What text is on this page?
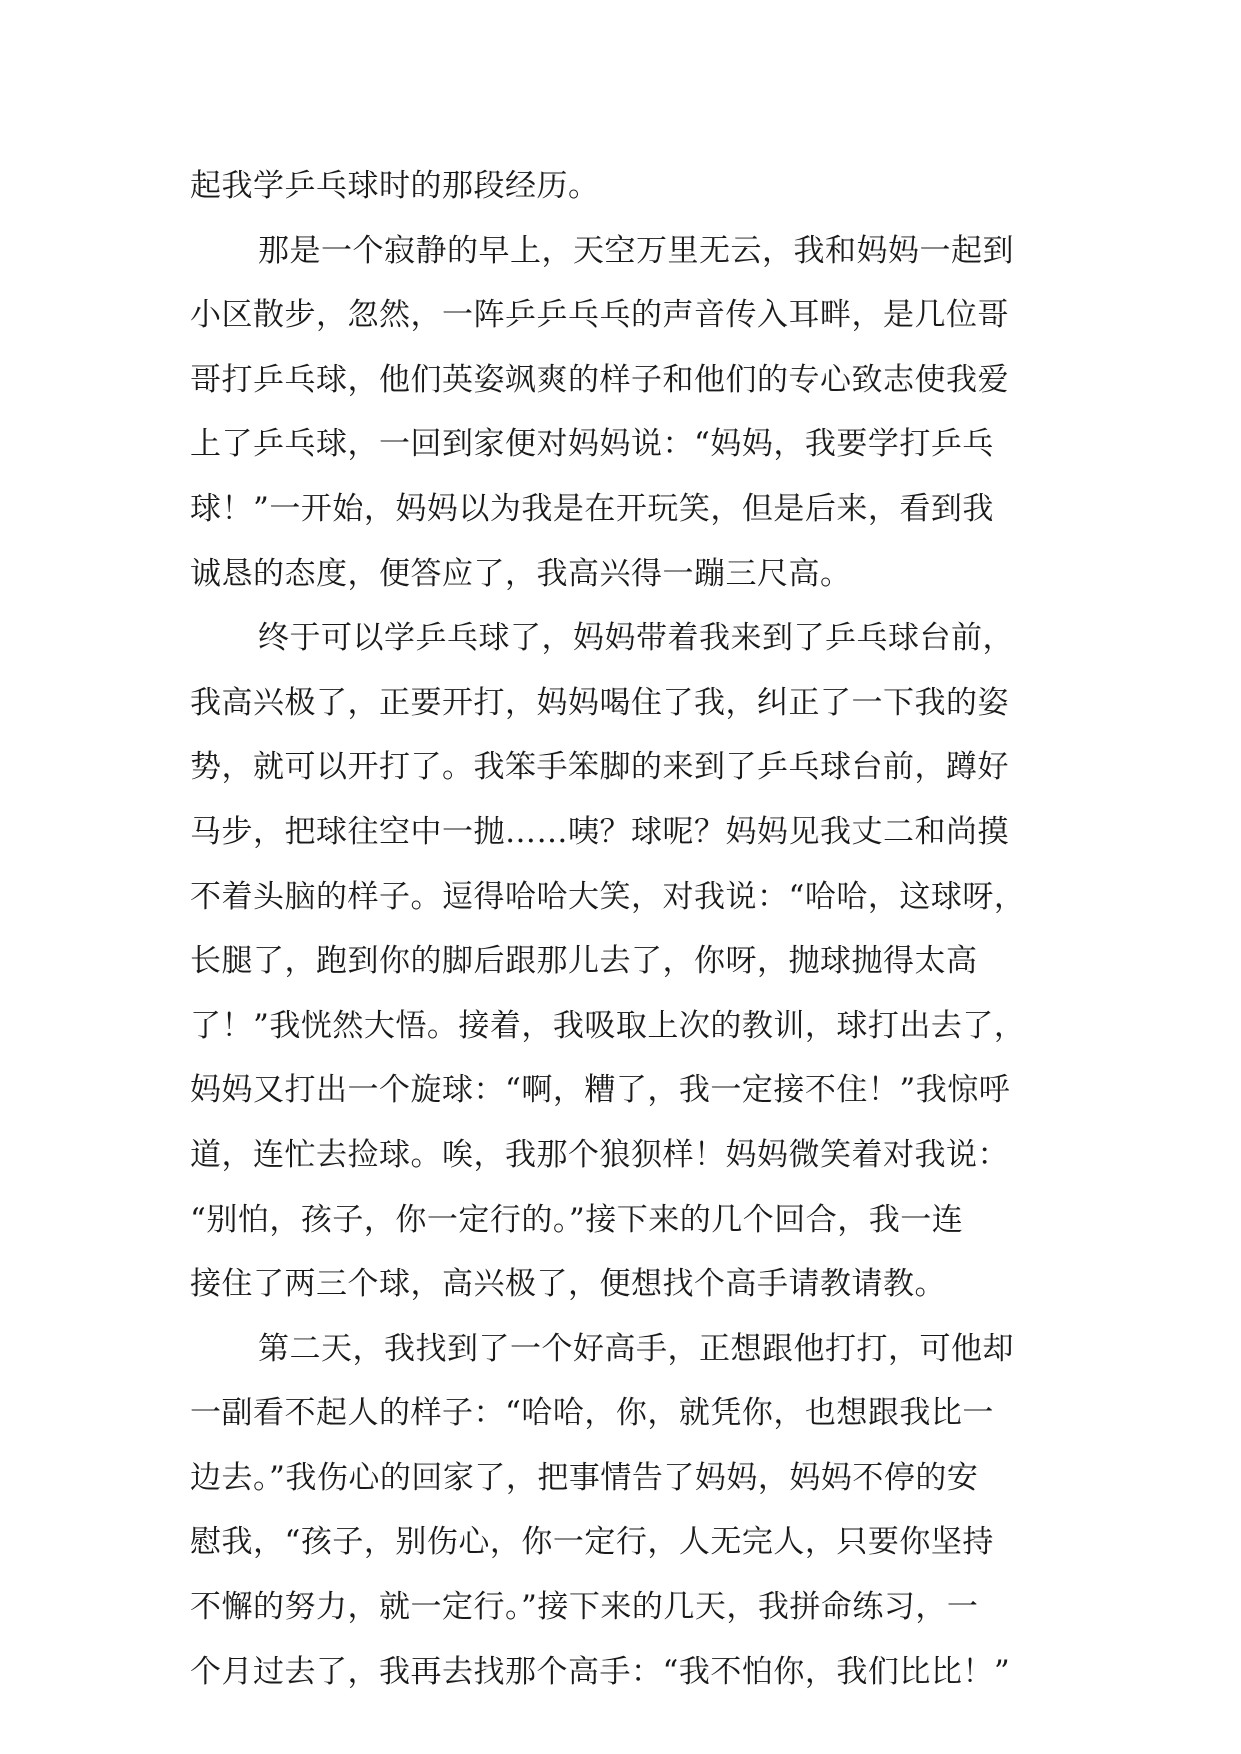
起我学乒乓球时的那段经历。
那是一个寂静的早上，天空万里无云，我和妈妈一起到
小区散步，忽然，一阵乒乒乓乓的声音传入耳畔，是几位哥
哥打乒乓球，他们英姿飒爽的样子和他们的专心致志使我爱
上了乒乓球，一回到家便对妈妈说：“妈妈，我要学打乒乓
球！”一开始，妈妈以为我是在开玩笑，但是后来，看到我
诚恳的态度，便答应了，我高兴得一蹦三尺高。
终于可以学乒乓球了，妈妈带着我来到了乒乓球台前，
我高兴极了，正要开打，妈妈喝住了我，纠正了一下我的姿
势，就可以开打了。我笨手笨脚的来到了乒乓球台前，蹲好
马步，把球往空中一抛……咦？球呢？妈妈见我丈二和尚摸
不着头脑的样子。逗得哈哈大笑，对我说：“哈哈，这球呀，
长腿了，跑到你的脚后跟那儿去了，你呀，抛球抛得太高
了！”我恍然大悟。接着，我吸取上次的教训，球打出去了，
妈妈又打出一个旋球：“啊，糟了，我一定接不住！”我惊呼
道，连忙去捡球。唉，我那个狼狈样！妈妈微笑着对我说：
“别怕，孩子，你一定行的。”接下来的几个回合，我一连
接住了两三个球，高兴极了，便想找个高手请教请教。
第二天，我找到了一个好高手，正想跟他打打，可他却
一副看不起人的样子：“哈哈，你，就凭你，也想跟我比一
边去。”我伤心的回家了，把事情告了妈妈，妈妈不停的安
慰我，“孩子，别伤心，你一定行，人无完人，只要你坚持
不懈的努力，就一定行。”接下来的几天，我拼命练习，一
个月过去了，我再去找那个高手：“我不怕你，我们比比！”
